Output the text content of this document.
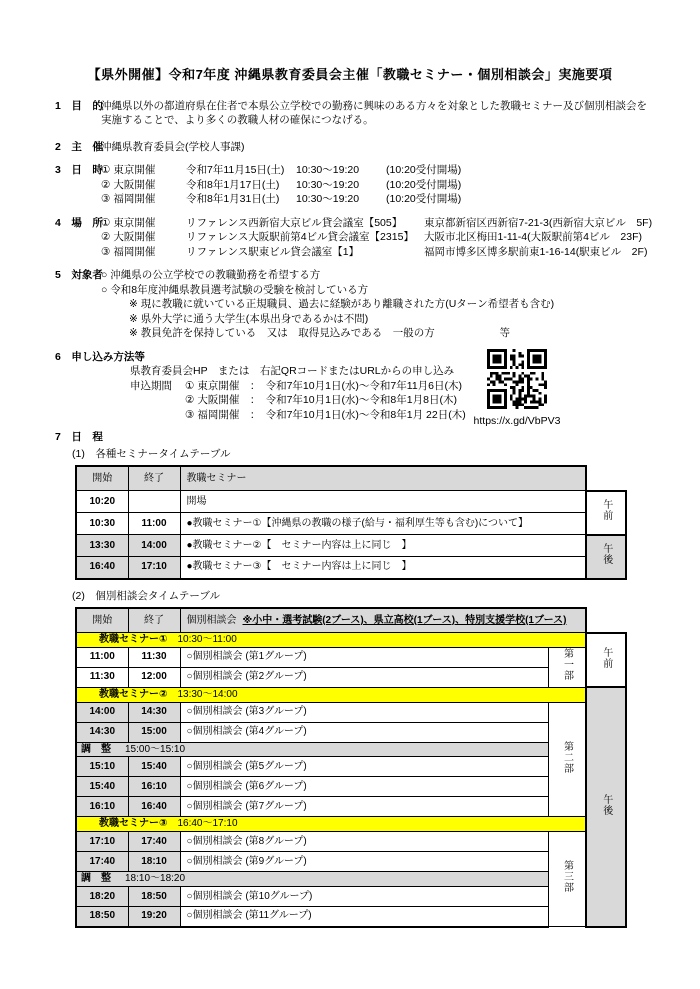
【県外開催】令和7年度 沖縄県教育委員会主催「教職セミナー・個別相談会」実施要項
1　目　的
沖縄県以外の都道府県在住者で本県公立学校での勤務に興味のある方々を対象とした教職セミナー及び個別相談会を
実施することで、より多くの教職人材の確保につなげる。
2　主　催
沖縄県教育委員会(学校人事課)
3　日　時
① 東京開催	令和7年11月15日(土)	10:30〜19:20	(10:20受付開場)
② 大阪開催	令和8年1月17日(土)	10:30〜19:20	(10:20受付開場)
③ 福岡開催	令和8年1月31日(土)	10:30〜19:20	(10:20受付開場)
4　場　所
① 東京開催	リファレンス西新宿大京ビル貸会議室【505】	東京都新宿区西新宿7-21-3(西新宿大京ビル　5F)
② 大阪開催	リファレンス大阪駅前第4ビル貸会議室【2315】 大阪市北区梅田1-11-4(大阪駅前第4ビル　23F)
③ 福岡開催	リファレンス駅東ビル貸会議室【1】	福岡市博多区博多駅前東1-16-14(駅東ビル　2F)
5　対象者
○ 沖縄県の公立学校での教職勤務を希望する方
○ 令和8年度沖縄県教員選考試験の受験を検討している方
※ 現に教職に就いている正規職員、過去に経験があり離職された方(Uターン希望者も含む)
※ 県外大学に通う大学生(本県出身であるかは不問)
※ 教員免許を保持している　又は　取得見込みである　一般の方	等
6　申し込み方法等
県教育委員会HP　または　右記QRコードまたはURLからの申し込み
申込期間	① 東京開催　：　令和7年10月1日(水)〜令和7年11月6日(木)
② 大阪開催　：　令和7年10月1日(水)〜令和8年1月8日(木)
③ 福岡開催　：　令和7年10月1日(水)〜令和8年1月 22日(木)
https://x.gd/VbPV3
7　日　程
(1)　各種セミナータイムテーブル
開始	終了	教職セミナー	
10:20		開場	午前
10:30	11:00	●教職セミナー①【沖縄県の教職の様子(給与・福利厚生等も含む)について】	
13:30	14:00	●教職セミナー②【　セミナー内容は上に同じ　】	午後
16:40	17:10	●教職セミナー③【　セミナー内容は上に同じ　】	
(2)　個別相談会タイムテーブル
開始	終了	個別相談会 ※小中・選考試験(2ブース)、県立高校(1ブース)、特別支援学校(1ブース)		
教職セミナー① 10:30〜11:00				午前
11:00	11:30	○個別相談会 (第1グループ)	第一部	
11:30	12:00	○個別相談会 (第2グループ)		
教職セミナー② 13:30〜14:00				午後
14:00	14:30	○個別相談会 (第3グループ)	第二部	
14:30	15:00	○個別相談会 (第4グループ)		
調　整 15:00〜15:10				
15:10	15:40	○個別相談会 (第5グループ)		
15:40	16:10	○個別相談会 (第6グループ)		
16:10	16:40	○個別相談会 (第7グループ)		
教職セミナー③ 16:40〜17:10				
17:10	17:40	○個別相談会 (第8グループ)	第三部	
17:40	18:10	○個別相談会 (第9グループ)		
調　整 18:10〜18:20				
18:20	18:50	○個別相談会 (第10グループ)		
18:50	19:20	○個別相談会 (第11グループ)		
